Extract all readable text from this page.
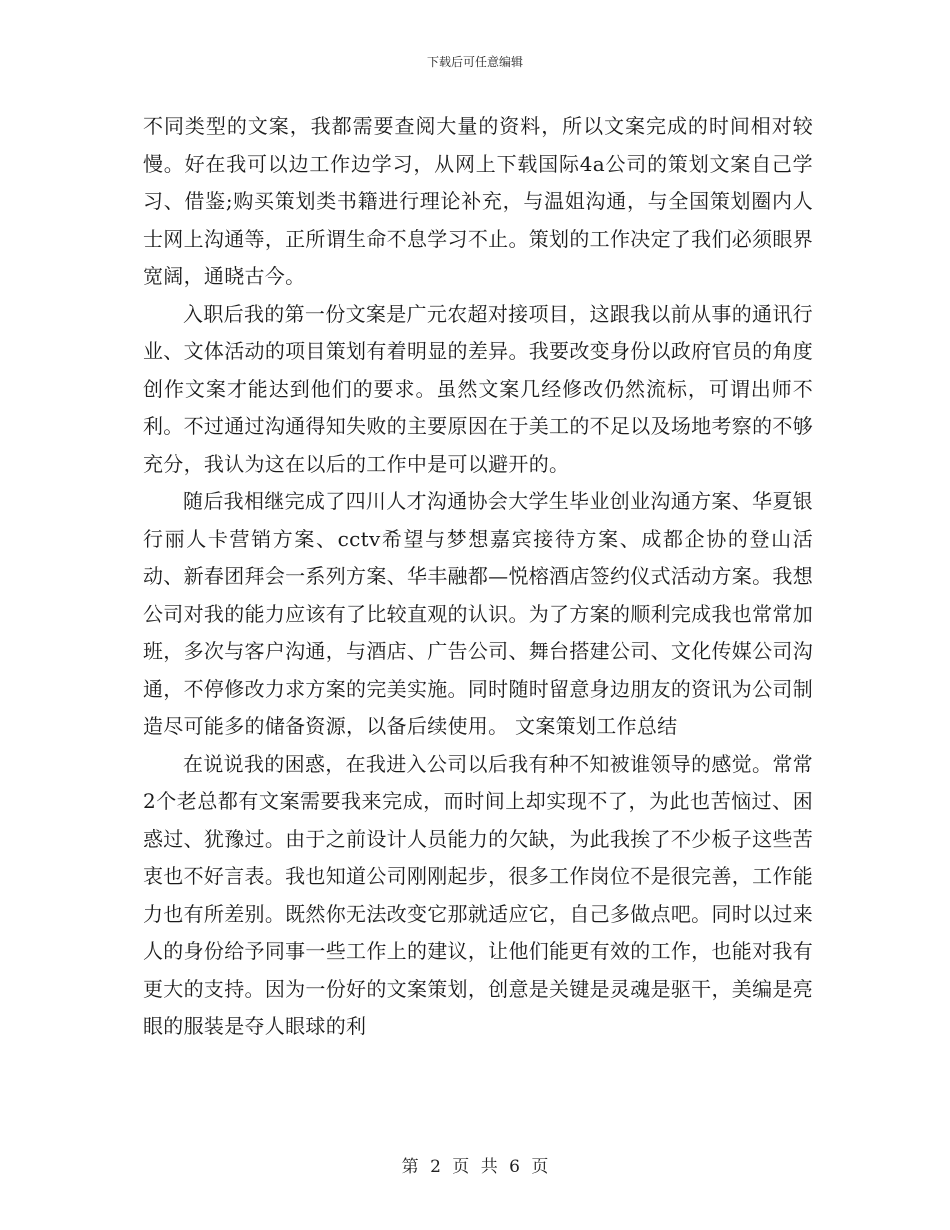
下载后可任意编辑

不同类型的文案，我都需要查阅大量的资料，所以文案完成的时间相对较慢。好在我可以边工作边学习，从网上下载国际4a公司的策划文案自己学习、借鉴;购买策划类书籍进行理论补充，与温姐沟通，与全国策划圈内人士网上沟通等，正所谓生命不息学习不止。策划的工作决定了我们必须眼界宽阔，通晓古今。

入职后我的第一份文案是广元农超对接项目，这跟我以前从事的通讯行业、文体活动的项目策划有着明显的差异。我要改变身份以政府官员的角度创作文案才能达到他们的要求。虽然文案几经修改仍然流标，可谓出师不利。不过通过沟通得知失败的主要原因在于美工的不足以及场地考察的不够充分，我认为这在以后的工作中是可以避开的。

随后我相继完成了四川人才沟通协会大学生毕业创业沟通方案、华夏银行丽人卡营销方案、cctv希望与梦想嘉宾接待方案、成都企协的登山活动、新春团拜会一系列方案、华丰融都—悦榕酒店签约仪式活动方案。我想公司对我的能力应该有了比较直观的认识。为了方案的顺利完成我也常常加班，多次与客户沟通，与酒店、广告公司、舞台搭建公司、文化传媒公司沟通，不停修改力求方案的完美实施。同时随时留意身边朋友的资讯为公司制造尽可能多的储备资源，以备后续使用。 文案策划工作总结

在说说我的困惑，在我进入公司以后我有种不知被谁领导的感觉。常常2个老总都有文案需要我来完成，而时间上却实现不了，为此也苦恼过、困惑过、犹豫过。由于之前设计人员能力的欠缺，为此我挨了不少板子这些苦衷也不好言表。我也知道公司刚刚起步，很多工作岗位不是很完善，工作能力也有所差别。既然你无法改变它那就适应它，自己多做点吧。同时以过来人的身份给予同事一些工作上的建议，让他们能更有效的工作，也能对我有更大的支持。因为一份好的文案策划，创意是关键是灵魂是驱干，美编是亮眼的服装是夺人眼球的利

第 2 页 共 6 页
